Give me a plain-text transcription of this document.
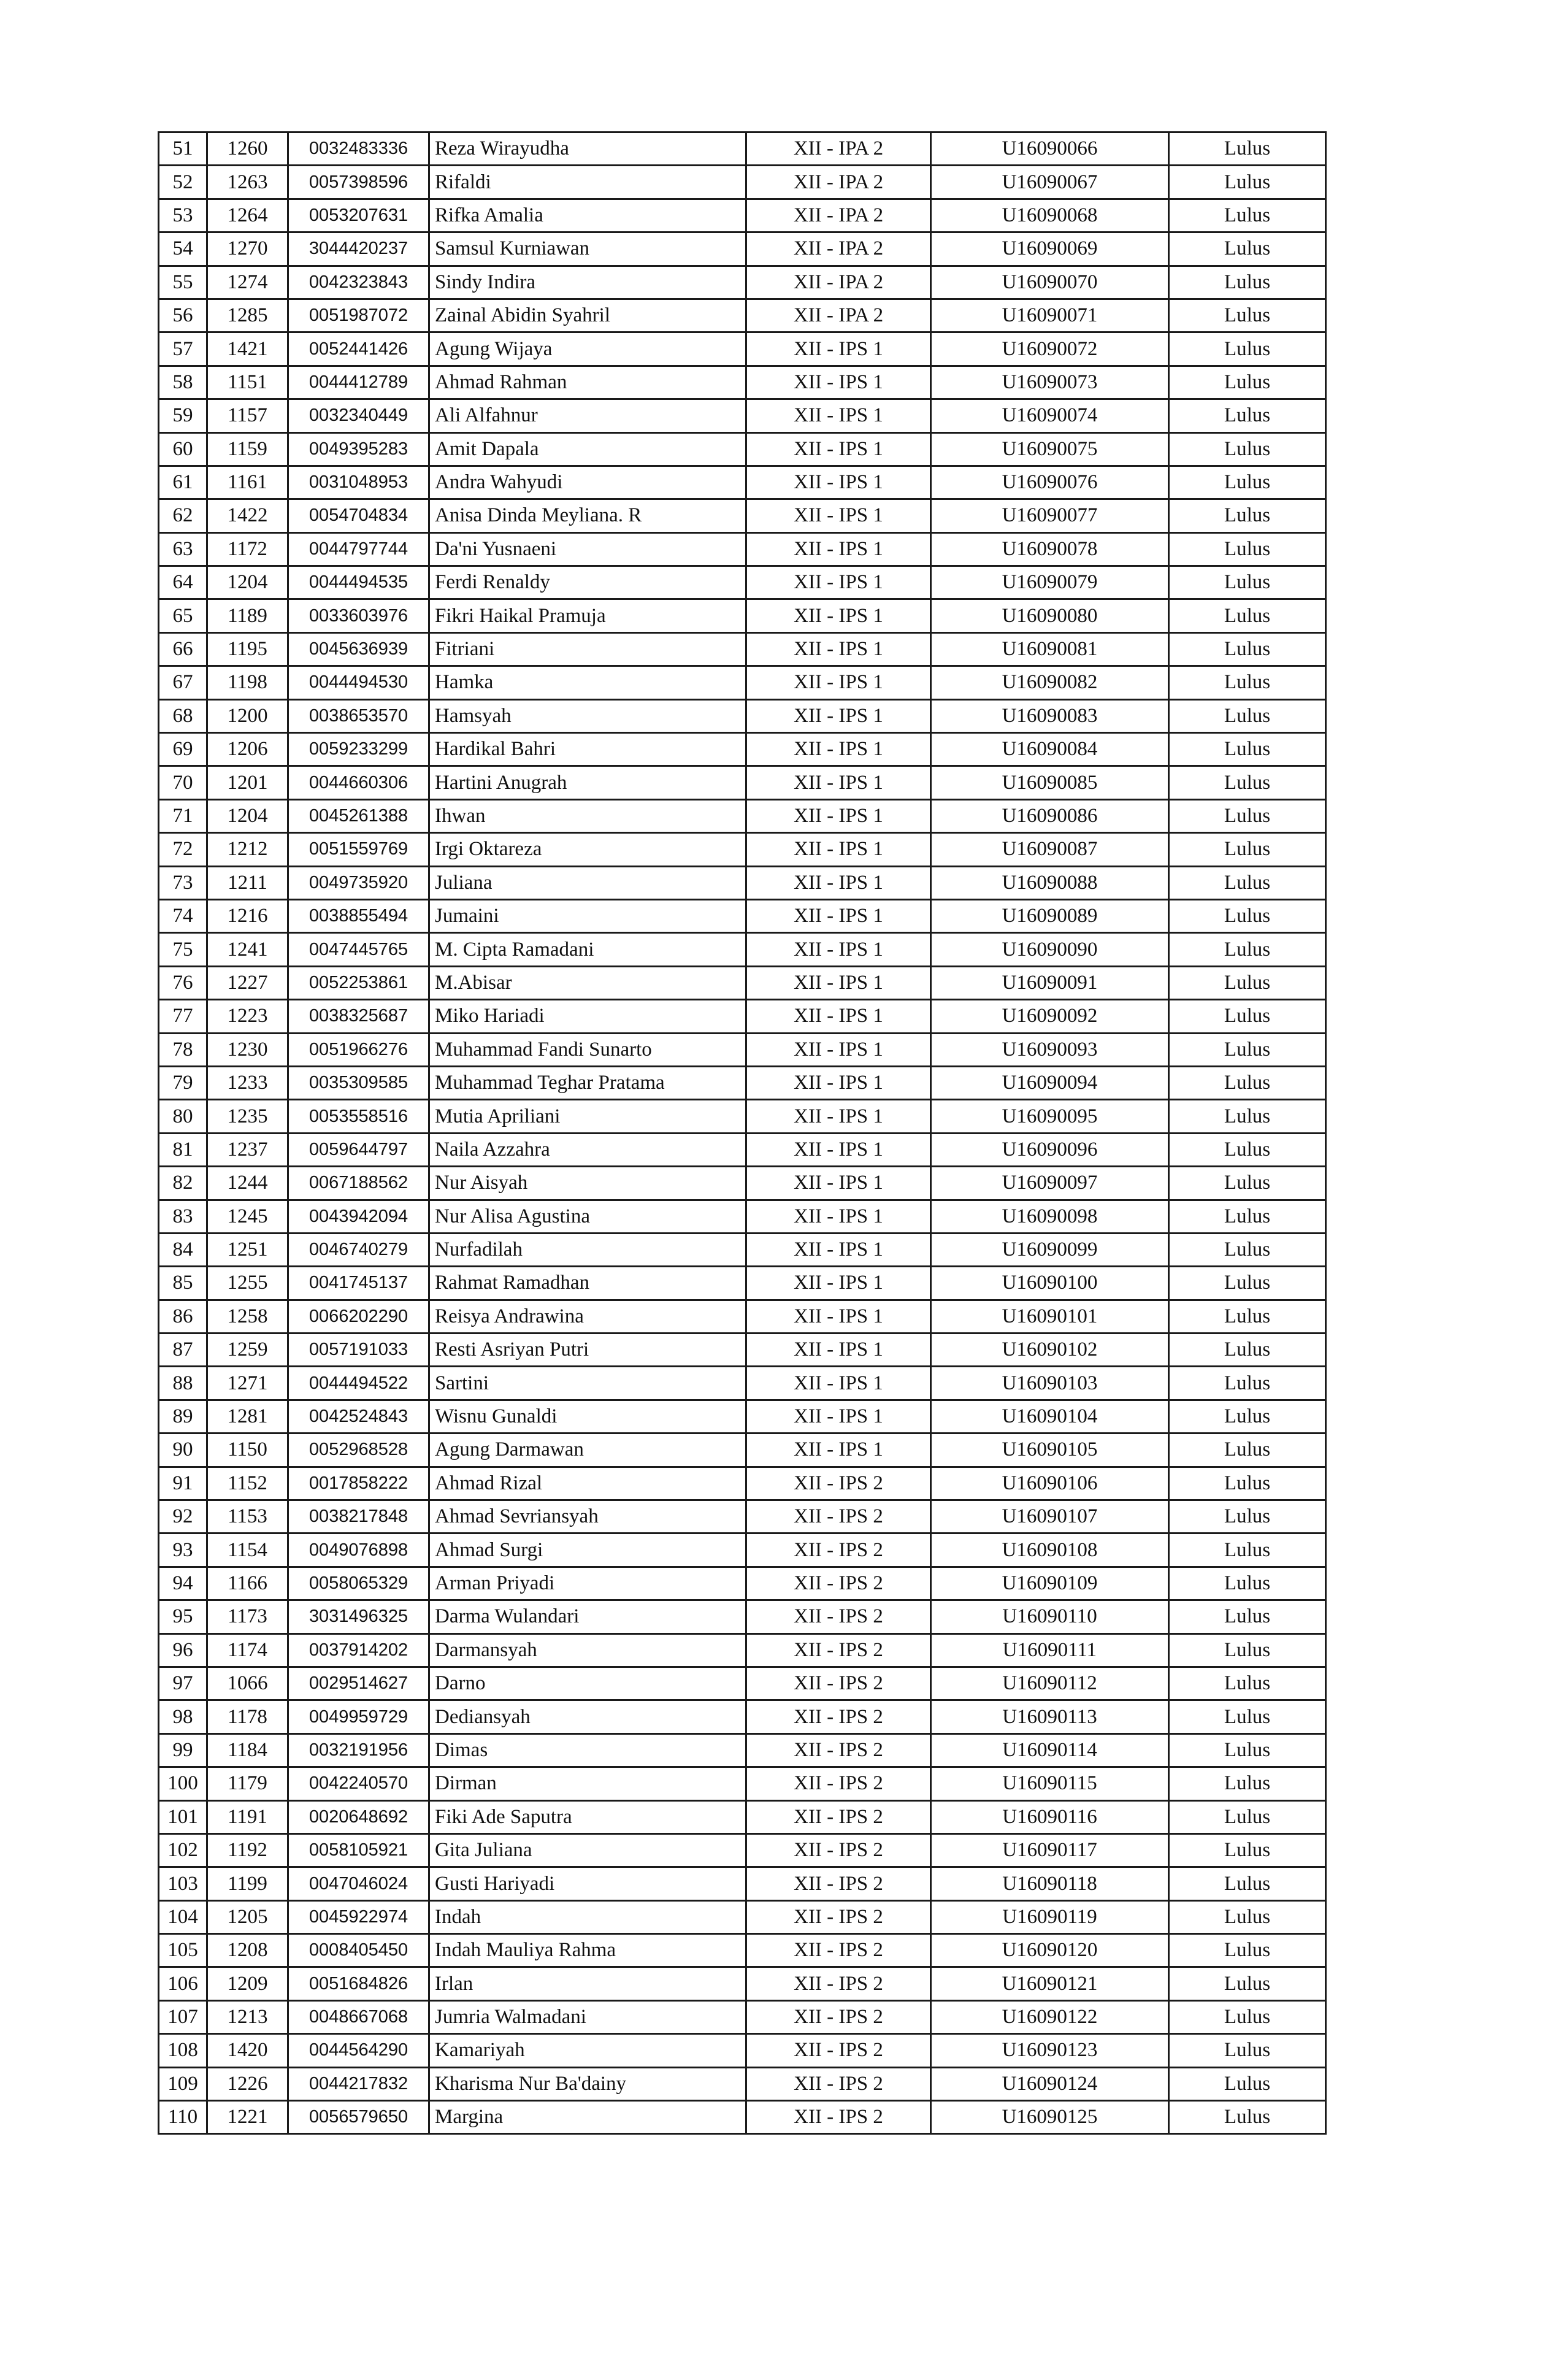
51	1260	0032483336	Reza Wirayudha	XII - IPA 2	U16090066	Lulus
52	1263	0057398596	Rifaldi	XII - IPA 2	U16090067	Lulus
53	1264	0053207631	Rifka Amalia	XII - IPA 2	U16090068	Lulus
54	1270	3044420237	Samsul Kurniawan	XII - IPA 2	U16090069	Lulus
55	1274	0042323843	Sindy Indira	XII - IPA 2	U16090070	Lulus
56	1285	0051987072	Zainal Abidin Syahril	XII - IPA 2	U16090071	Lulus
57	1421	0052441426	Agung Wijaya	XII - IPS 1	U16090072	Lulus
58	1151	0044412789	Ahmad Rahman	XII - IPS 1	U16090073	Lulus
59	1157	0032340449	Ali Alfahnur	XII - IPS 1	U16090074	Lulus
60	1159	0049395283	Amit Dapala	XII - IPS 1	U16090075	Lulus
61	1161	0031048953	Andra Wahyudi	XII - IPS 1	U16090076	Lulus
62	1422	0054704834	Anisa Dinda Meyliana. R	XII - IPS 1	U16090077	Lulus
63	1172	0044797744	Da'ni Yusnaeni	XII - IPS 1	U16090078	Lulus
64	1204	0044494535	Ferdi Renaldy	XII - IPS 1	U16090079	Lulus
65	1189	0033603976	Fikri Haikal Pramuja	XII - IPS 1	U16090080	Lulus
66	1195	0045636939	Fitriani	XII - IPS 1	U16090081	Lulus
67	1198	0044494530	Hamka	XII - IPS 1	U16090082	Lulus
68	1200	0038653570	Hamsyah	XII - IPS 1	U16090083	Lulus
69	1206	0059233299	Hardikal Bahri	XII - IPS 1	U16090084	Lulus
70	1201	0044660306	Hartini Anugrah	XII - IPS 1	U16090085	Lulus
71	1204	0045261388	Ihwan	XII - IPS 1	U16090086	Lulus
72	1212	0051559769	Irgi Oktareza	XII - IPS 1	U16090087	Lulus
73	1211	0049735920	Juliana	XII - IPS 1	U16090088	Lulus
74	1216	0038855494	Jumaini	XII - IPS 1	U16090089	Lulus
75	1241	0047445765	M. Cipta Ramadani	XII - IPS 1	U16090090	Lulus
76	1227	0052253861	M.Abisar	XII - IPS 1	U16090091	Lulus
77	1223	0038325687	Miko Hariadi	XII - IPS 1	U16090092	Lulus
78	1230	0051966276	Muhammad Fandi Sunarto	XII - IPS 1	U16090093	Lulus
79	1233	0035309585	Muhammad Teghar Pratama	XII - IPS 1	U16090094	Lulus
80	1235	0053558516	Mutia Apriliani	XII - IPS 1	U16090095	Lulus
81	1237	0059644797	Naila Azzahra	XII - IPS 1	U16090096	Lulus
82	1244	0067188562	Nur Aisyah	XII - IPS 1	U16090097	Lulus
83	1245	0043942094	Nur Alisa Agustina	XII - IPS 1	U16090098	Lulus
84	1251	0046740279	Nurfadilah	XII - IPS 1	U16090099	Lulus
85	1255	0041745137	Rahmat Ramadhan	XII - IPS 1	U16090100	Lulus
86	1258	0066202290	Reisya Andrawina	XII - IPS 1	U16090101	Lulus
87	1259	0057191033	Resti Asriyan Putri	XII - IPS 1	U16090102	Lulus
88	1271	0044494522	Sartini	XII - IPS 1	U16090103	Lulus
89	1281	0042524843	Wisnu Gunaldi	XII - IPS 1	U16090104	Lulus
90	1150	0052968528	Agung Darmawan	XII - IPS 1	U16090105	Lulus
91	1152	0017858222	Ahmad Rizal	XII - IPS 2	U16090106	Lulus
92	1153	0038217848	Ahmad Sevriansyah	XII - IPS 2	U16090107	Lulus
93	1154	0049076898	Ahmad Surgi	XII - IPS 2	U16090108	Lulus
94	1166	0058065329	Arman Priyadi	XII - IPS 2	U16090109	Lulus
95	1173	3031496325	Darma Wulandari	XII - IPS 2	U16090110	Lulus
96	1174	0037914202	Darmansyah	XII - IPS 2	U16090111	Lulus
97	1066	0029514627	Darno	XII - IPS 2	U16090112	Lulus
98	1178	0049959729	Dediansyah	XII - IPS 2	U16090113	Lulus
99	1184	0032191956	Dimas	XII - IPS 2	U16090114	Lulus
100	1179	0042240570	Dirman	XII - IPS 2	U16090115	Lulus
101	1191	0020648692	Fiki Ade Saputra	XII - IPS 2	U16090116	Lulus
102	1192	0058105921	Gita Juliana	XII - IPS 2	U16090117	Lulus
103	1199	0047046024	Gusti Hariyadi	XII - IPS 2	U16090118	Lulus
104	1205	0045922974	Indah	XII - IPS 2	U16090119	Lulus
105	1208	0008405450	Indah Mauliya Rahma	XII - IPS 2	U16090120	Lulus
106	1209	0051684826	Irlan	XII - IPS 2	U16090121	Lulus
107	1213	0048667068	Jumria Walmadani	XII - IPS 2	U16090122	Lulus
108	1420	0044564290	Kamariyah	XII - IPS 2	U16090123	Lulus
109	1226	0044217832	Kharisma Nur Ba'dainy	XII - IPS 2	U16090124	Lulus
110	1221	0056579650	Margina	XII - IPS 2	U16090125	Lulus
